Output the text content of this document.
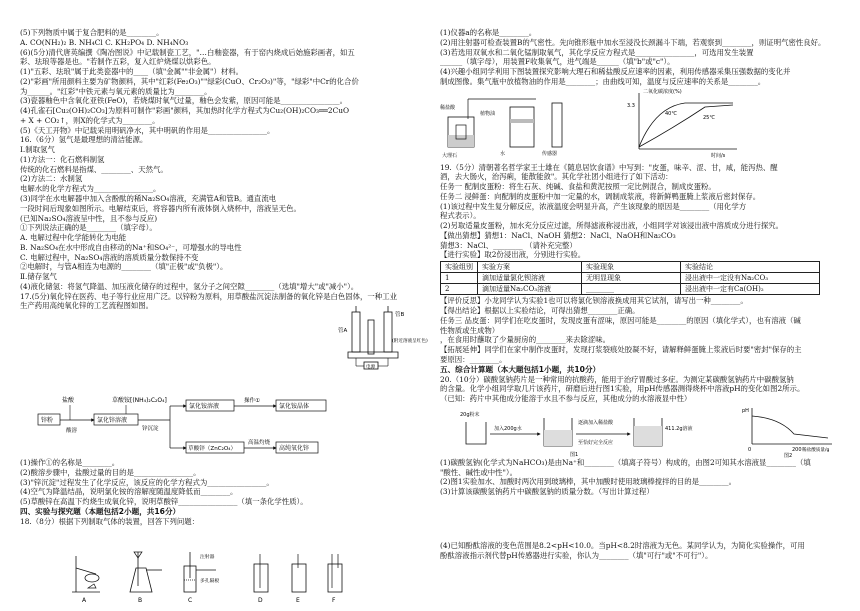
(5)下列物质中属于复合肥料的是________。
A. CO(NH₂)₂ B. NH₄Cl C. KH₂PO₄ D. NH₄NO₃
(6)(5分)清代唐英编撰《陶冶图说》中记载制瓷工艺，"…白釉瓷器，有于窑内烧成后始施彩画者，如五
彩、珐琅等器是也。"若制作五彩，复入红炉烧煤以烘彩色。
(1)"五彩、珐琅"属于此类瓷器中的____（填"金属""非金属"）材料。
(2)"彩画"所用颜料主要为矿物颜料，其中"红彩(Fe₂O₃)""绿彩(CuO、Cr₂O₃)"等，"绿彩"中Cr的化合价
为______。"红彩"中铁元素与氧元素的质量比为________。
(3)瓷器釉色中含氧化亚铁(FeO)，若烧煤时氧气过量，釉色会发紫，原因可能是________________。
(4)孔雀石[Cu₂(OH)₂CO₃]为原料可制作"彩画"颜料，其加热时化学方程式为Cu₂(OH)₂CO₃══2CuO
+ X + CO₂↑，则X的化学式为________。
(5)《天工开物》中记载采用明矾净水，其中明矾的作用是________________。
16.（6分）氢气是最理想的清洁能源。
Ⅰ.制取氢气
(1)方法一：化石燃料制氢
传统的化石燃料是指煤、________、天然气。
(2)方法二：水制氢
电解水的化学方程式为________________。
(3)同学在水电解器中加入含酚酞的稀Na₂SO₄溶液，充满管A和管B。通直流电
一段时间后现象如图所示。电解结束后，将容器内所有液体倒入烧杯中，溶液呈无色。
(已知Na₂SO₄溶液呈中性，且不参与反应)
①下列说法正确的是________（填字母）。
A. 电解过程中化学能转化为电能
B. Na₂SO₄在水中形成自由移动的Na⁺和SO₄²⁻，可增强水的导电性
C. 电解过程中，Na₂SO₄溶液的溶质质量分数保持不变
②电解时，与管A相连为电源的________（填"正极"或"负极"）。
Ⅱ.储存氢气
(4)液化储氢：将氢气降温、加压液化储存的过程中，氢分子之间空隙________（选填"增大"或"减小"）。
17.(5分)氧化锌在医药、电子等行业应用广泛。以锌粉为原料，用草酸盐沉淀法制备的氧化锌是白色固体，一种工业
生产药用高纯氧化锌的工艺流程图如图。
管A
管B
(附近溶液呈红色)
电源
盐酸	草酸铵[(NH₄)₂C₂O₄]
锌粉
酸溶
氯化锌溶液
锌沉淀
氯化铵溶液
操作①
氯化铵晶体
草酸锌（ZnC₂O₄）
高温灼烧
高纯氧化锌
(1)操作①的名称是________。
(2)酸溶步骤中，盐酸过量的目的是________________。
(3)"锌沉淀"过程发生了化学反应，该反应的化学方程式为________________。
(4)空气为降温结晶，说明氯化铵的溶解度随温度降低而________。
(5)草酸锌在高温下灼烧生成氧化锌，说明草酸锌________________（填一条化学性质）。
四、实验与探究题（本题包括2小题，共16分）
18.（8分）根据下列制取气体的装置，回答下列问题：
A	B
注射器
多孔隔板
C	D	E	F
(1)仪器a的名称是________。
(2)用注射器可检查装置B的气密性。先向锥形瓶中加水至浸没长颈漏斗下端，若观察到________，则证明气密性良好。
(3)若选用双氧水和二氧化锰制取氧气，其化学反应方程式是________________，可选用发生装置
______（填字母），用装置F收集氧气，进气端是______（填"b"或"c"）。
(4)兴趣小组同学利用下图装置探究影响大理石和稀盐酸反应速率的因素，利用传感器采集压强数据的变化并
制成图像。集气瓶中放植物油的作用是________；由曲线可知，温度与反应速率的关系是________。
稀盐酸
大理石
植物油
水	传感器
二氧化碳浓度(%)
40℃
25℃
3.3
时间/s
19.（5分）清朝著名哲学家王士雄在《随息居饮食谱》中写到："皮蛋，味辛、涩、甘，咸，能泻热、醒
酒，去大肠火，治泻痢，能散能敛"。其化学社团小组进行了如下活动：
任务一 配制皮蛋粉：将生石灰、纯碱、食盐和黄泥按照一定比例混合，制成皮蛋粉。
任务二 浸鲜蛋：向配制的皮蛋粉中加一定量的水，调制成浆液，将新鲜鸭蛋腌上浆液后密封保存。
(1)该过程中发生复分解反应，浓液温度会明显升高，产生该现象的原因是________（用化学方
程式表示）。
(2)另取适量皮蛋粉，加水充分反应过滤，所得滤液称浸出液，小组同学对该浸出液中溶质成分进行探究。
【做出猜想】猜想1：NaCl、NaOH 猜想2：NaCl、NaOH和Na₂CO₃
猜想3：NaCl、________ （请补充完整）
【进行实验】取2份浸出液，分别进行实验。
实验组别	实验方案	实验现象	实验结论
1	滴加适量氯化钡溶液	无明显现象	浸出液中一定没有Na₂CO₃
2	滴加适量Na₂CO₃溶液	________	浸出液中一定有Ca(OH)₂
【评价反思】小龙同学认为实验1也可以将氯化钡溶液换成用其它试剂，请写出一种________。
【得出结论】根据以上实验结论，可得出猜想________正确。
任务三 品皮蛋：同学们在吃皮蛋时，发现皮蛋有涩味，原因可能是________的原因（填化学式），也有溶液（碱
性物质或生成物）
，在食用时蘸取了少量厨房的________来去除涩味。
【拓展延伸】同学们在家中制作皮蛋时，发现打浆裂痕处胶凝不好，请解释鲜蛋腌上浆液后时要"密封"保存的主
要原因：________。
五、综合计算题（本大题包括1小题，共10分）
20.（10分）碳酸氢钠药片是一种常用的抗酸药，能用于治疗胃酸过多症。为测定某碳酸氢钠药片中碳酸氢钠
的含量。化学小组同学取几片该药片，研磨后进行图1实验，用pH传感器测得烧杯中溶液pH的变化如图2所示。
（已知：药片中其他成分能溶于水且不参与反应，其他成分的水溶液显中性）
20g粉末
加入200g水
逐滴加入稀盐酸
至恰好完全反应
411.2g溶液
图1
pH
0	200 稀盐酸质量/g
图2
(1)碳酸氢钠(化学式为NaHCO₃)是由Na⁺和________（填离子符号）构成的，由图2可知其水溶液显________（填
"酸性、碱性或中性"）。
(2)图1实验加水、加酸时两次用到玻璃棒，其中加酸时使用玻璃棒搅拌的目的是________。
(3)计算该碳酸氢钠药片中碳酸氢钠的质量分数。（写出计算过程）
(4)已知酚酞溶液的变色范围是8.2<pH<10.0。当pH<8.2时溶液为无色。某同学认为，为简化实验操作，可用
酚酞溶液指示剂代替pH传感器进行实验，你认为________（填"可行"或"不可行"）。
